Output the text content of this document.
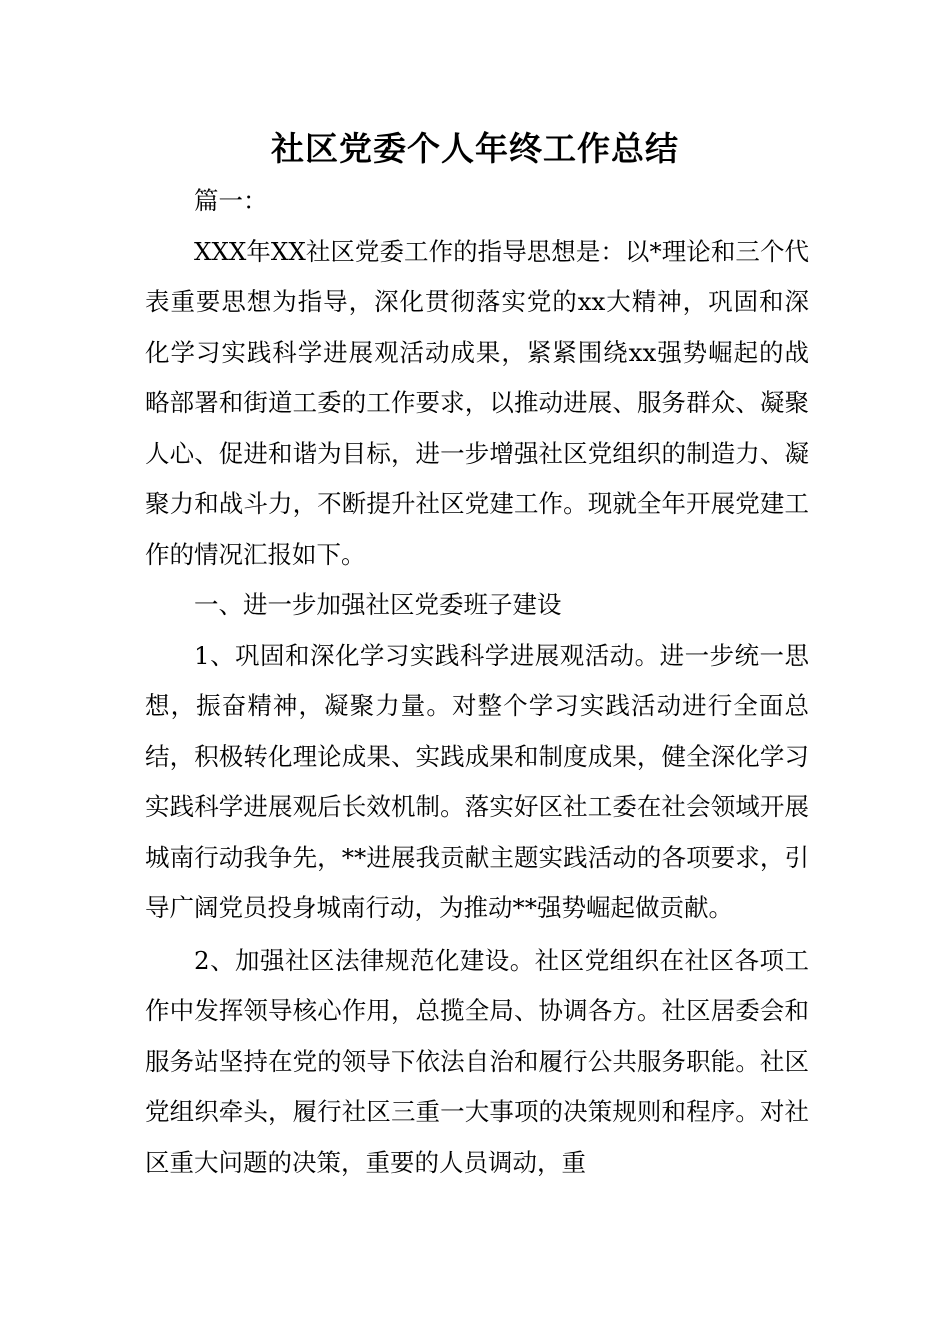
社区党委个人年终工作总结

篇一：

XXX年XX社区党委工作的指导思想是：以*理论和三个代表重要思想为指导，深化贯彻落实党的xx大精神，巩固和深化学习实践科学进展观活动成果，紧紧围绕xx强势崛起的战略部署和街道工委的工作要求，以推动进展、服务群众、凝聚人心、促进和谐为目标，进一步增强社区党组织的制造力、凝聚力和战斗力，不断提升社区党建工作。现就全年开展党建工作的情况汇报如下。

一、进一步加强社区党委班子建设

1、巩固和深化学习实践科学进展观活动。进一步统一思想，振奋精神，凝聚力量。对整个学习实践活动进行全面总结，积极转化理论成果、实践成果和制度成果，健全深化学习实践科学进展观后长效机制。落实好区社工委在社会领域开展城南行动我争先，**进展我贡献主题实践活动的各项要求，引导广阔党员投身城南行动，为推动**强势崛起做贡献。

2、加强社区法律规范化建设。社区党组织在社区各项工作中发挥领导核心作用，总揽全局、协调各方。社区居委会和服务站坚持在党的领导下依法自治和履行公共服务职能。社区党组织牵头，履行社区三重一大事项的决策规则和程序。对社区重大问题的决策，重要的人员调动，重
